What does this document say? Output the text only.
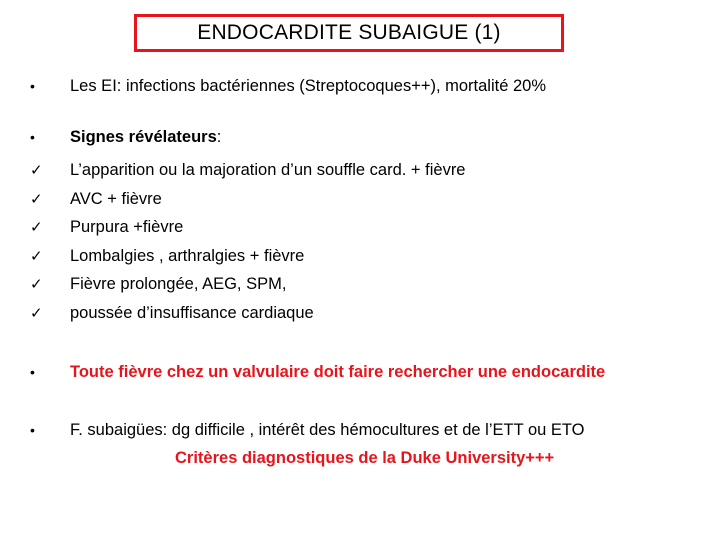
ENDOCARDITE SUBAIGUE (1)
•	Les EI: infections bactériennes (Streptocoques++), mortalité 20%
•	Signes révélateurs :
✓	L’apparition ou la majoration d’un souffle card. + fièvre
✓	AVC + fièvre
✓	Purpura +fièvre
✓	Lombalgies , arthralgies + fièvre
✓	Fièvre prolongée, AEG, SPM,
✓	poussée d’insuffisance cardiaque
•	Toute fièvre chez un valvulaire doit faire rechercher une endocardite
•	F. subaigües: dg difficile , intérêt des hémocultures et de l’ETT ou ETO
Critères diagnostiques de la Duke University+++
